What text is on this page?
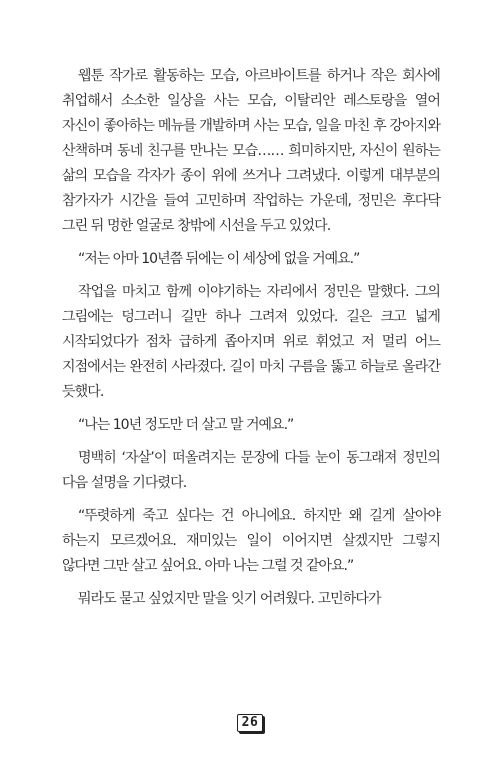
웹툰 작가로 활동하는 모습, 아르바이트를 하거나 작은 회사에 취업해서 소소한 일상을 사는 모습, 이탈리안 레스토랑을 열어 자신이 좋아하는 메뉴를 개발하며 사는 모습, 일을 마친 후 강아지와 산책하며 동네 친구를 만나는 모습…… 희미하지만, 자신이 원하는 삶의 모습을 각자가 종이 위에 쓰거나 그려냈다. 이렇게 대부분의 참가자가 시간을 들여 고민하며 작업하는 가운데, 정민은 후다닥 그린 뒤 멍한 얼굴로 창밖에 시선을 두고 있었다.

“저는 아마 10년쯤 뒤에는 이 세상에 없을 거예요.”

작업을 마치고 함께 이야기하는 자리에서 정민은 말했다. 그의 그림에는 덩그러니 길만 하나 그려져 있었다. 길은 크고 넓게 시작되었다가 점차 급하게 좁아지며 위로 휘었고 저 멀리 어느 지점에서는 완전히 사라졌다. 길이 마치 구름을 뚫고 하늘로 올라간 듯했다.

“나는 10년 정도만 더 살고 말 거예요.”

명백히 ‘자살’이 떠올려지는 문장에 다들 눈이 동그래져 정민의 다음 설명을 기다렸다.

“뚜렷하게 죽고 싶다는 건 아니에요. 하지만 왜 길게 살아야 하는지 모르겠어요. 재미있는 일이 이어지면 살겠지만 그렇지 않다면 그만 살고 싶어요. 아마 나는 그럴 것 같아요.”

뭐라도 묻고 싶었지만 말을 잇기 어려웠다. 고민하다가

26
